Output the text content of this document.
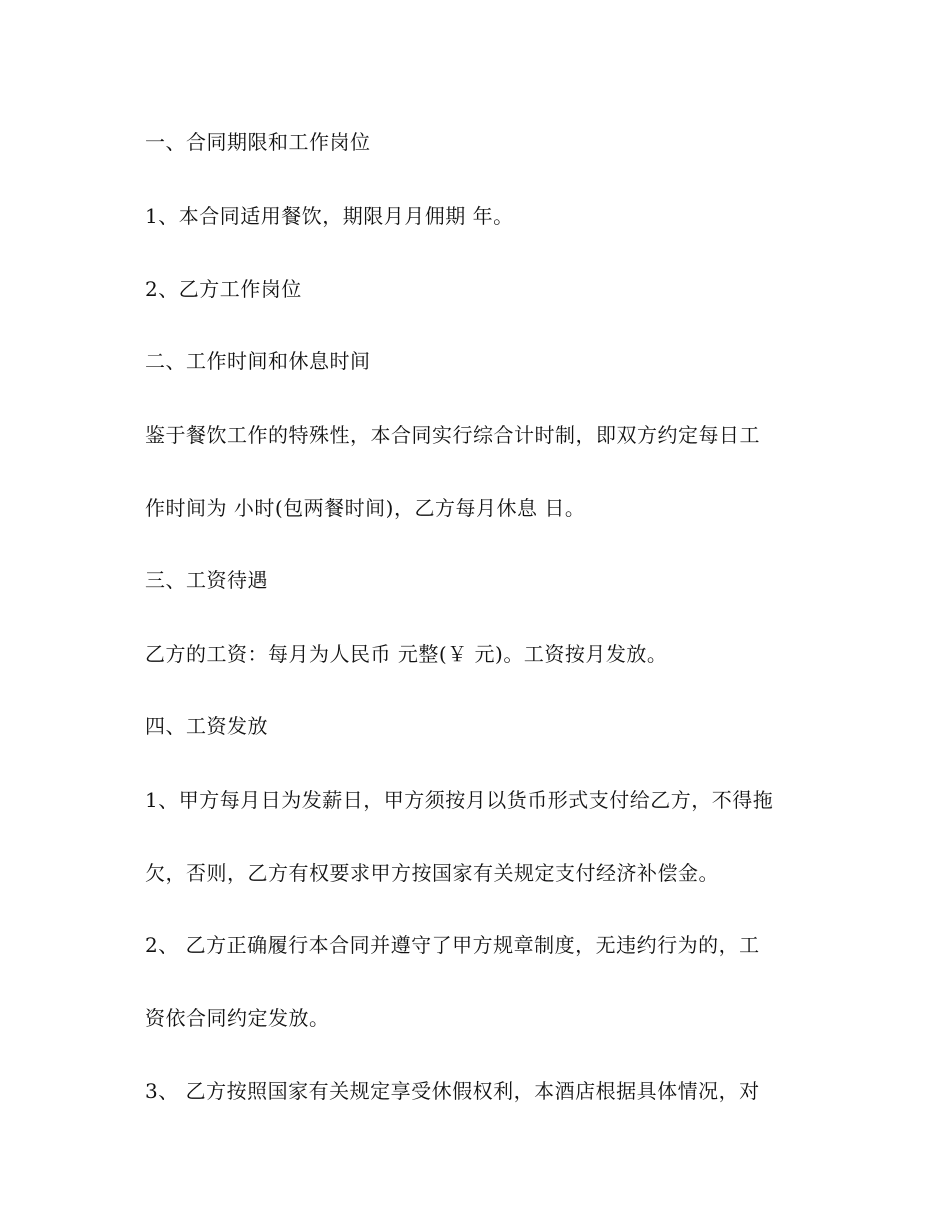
一、合同期限和工作岗位
1、本合同适用餐饮，期限月月佣期 年。
2、乙方工作岗位
二、工作时间和休息时间
鉴于餐饮工作的特殊性，本合同实行综合计时制，即双方约定每日工
作时间为 小时(包两餐时间)，乙方每月休息 日。
三、工资待遇
乙方的工资：每月为人民币 元整(￥ 元)。工资按月发放。
四、工资发放
1、甲方每月日为发薪日，甲方须按月以货币形式支付给乙方，不得拖
欠，否则，乙方有权要求甲方按国家有关规定支付经济补偿金。
2、 乙方正确履行本合同并遵守了甲方规章制度，无违约行为的，工
资依合同约定发放。
3、 乙方按照国家有关规定享受休假权利，本酒店根据具体情况，对
